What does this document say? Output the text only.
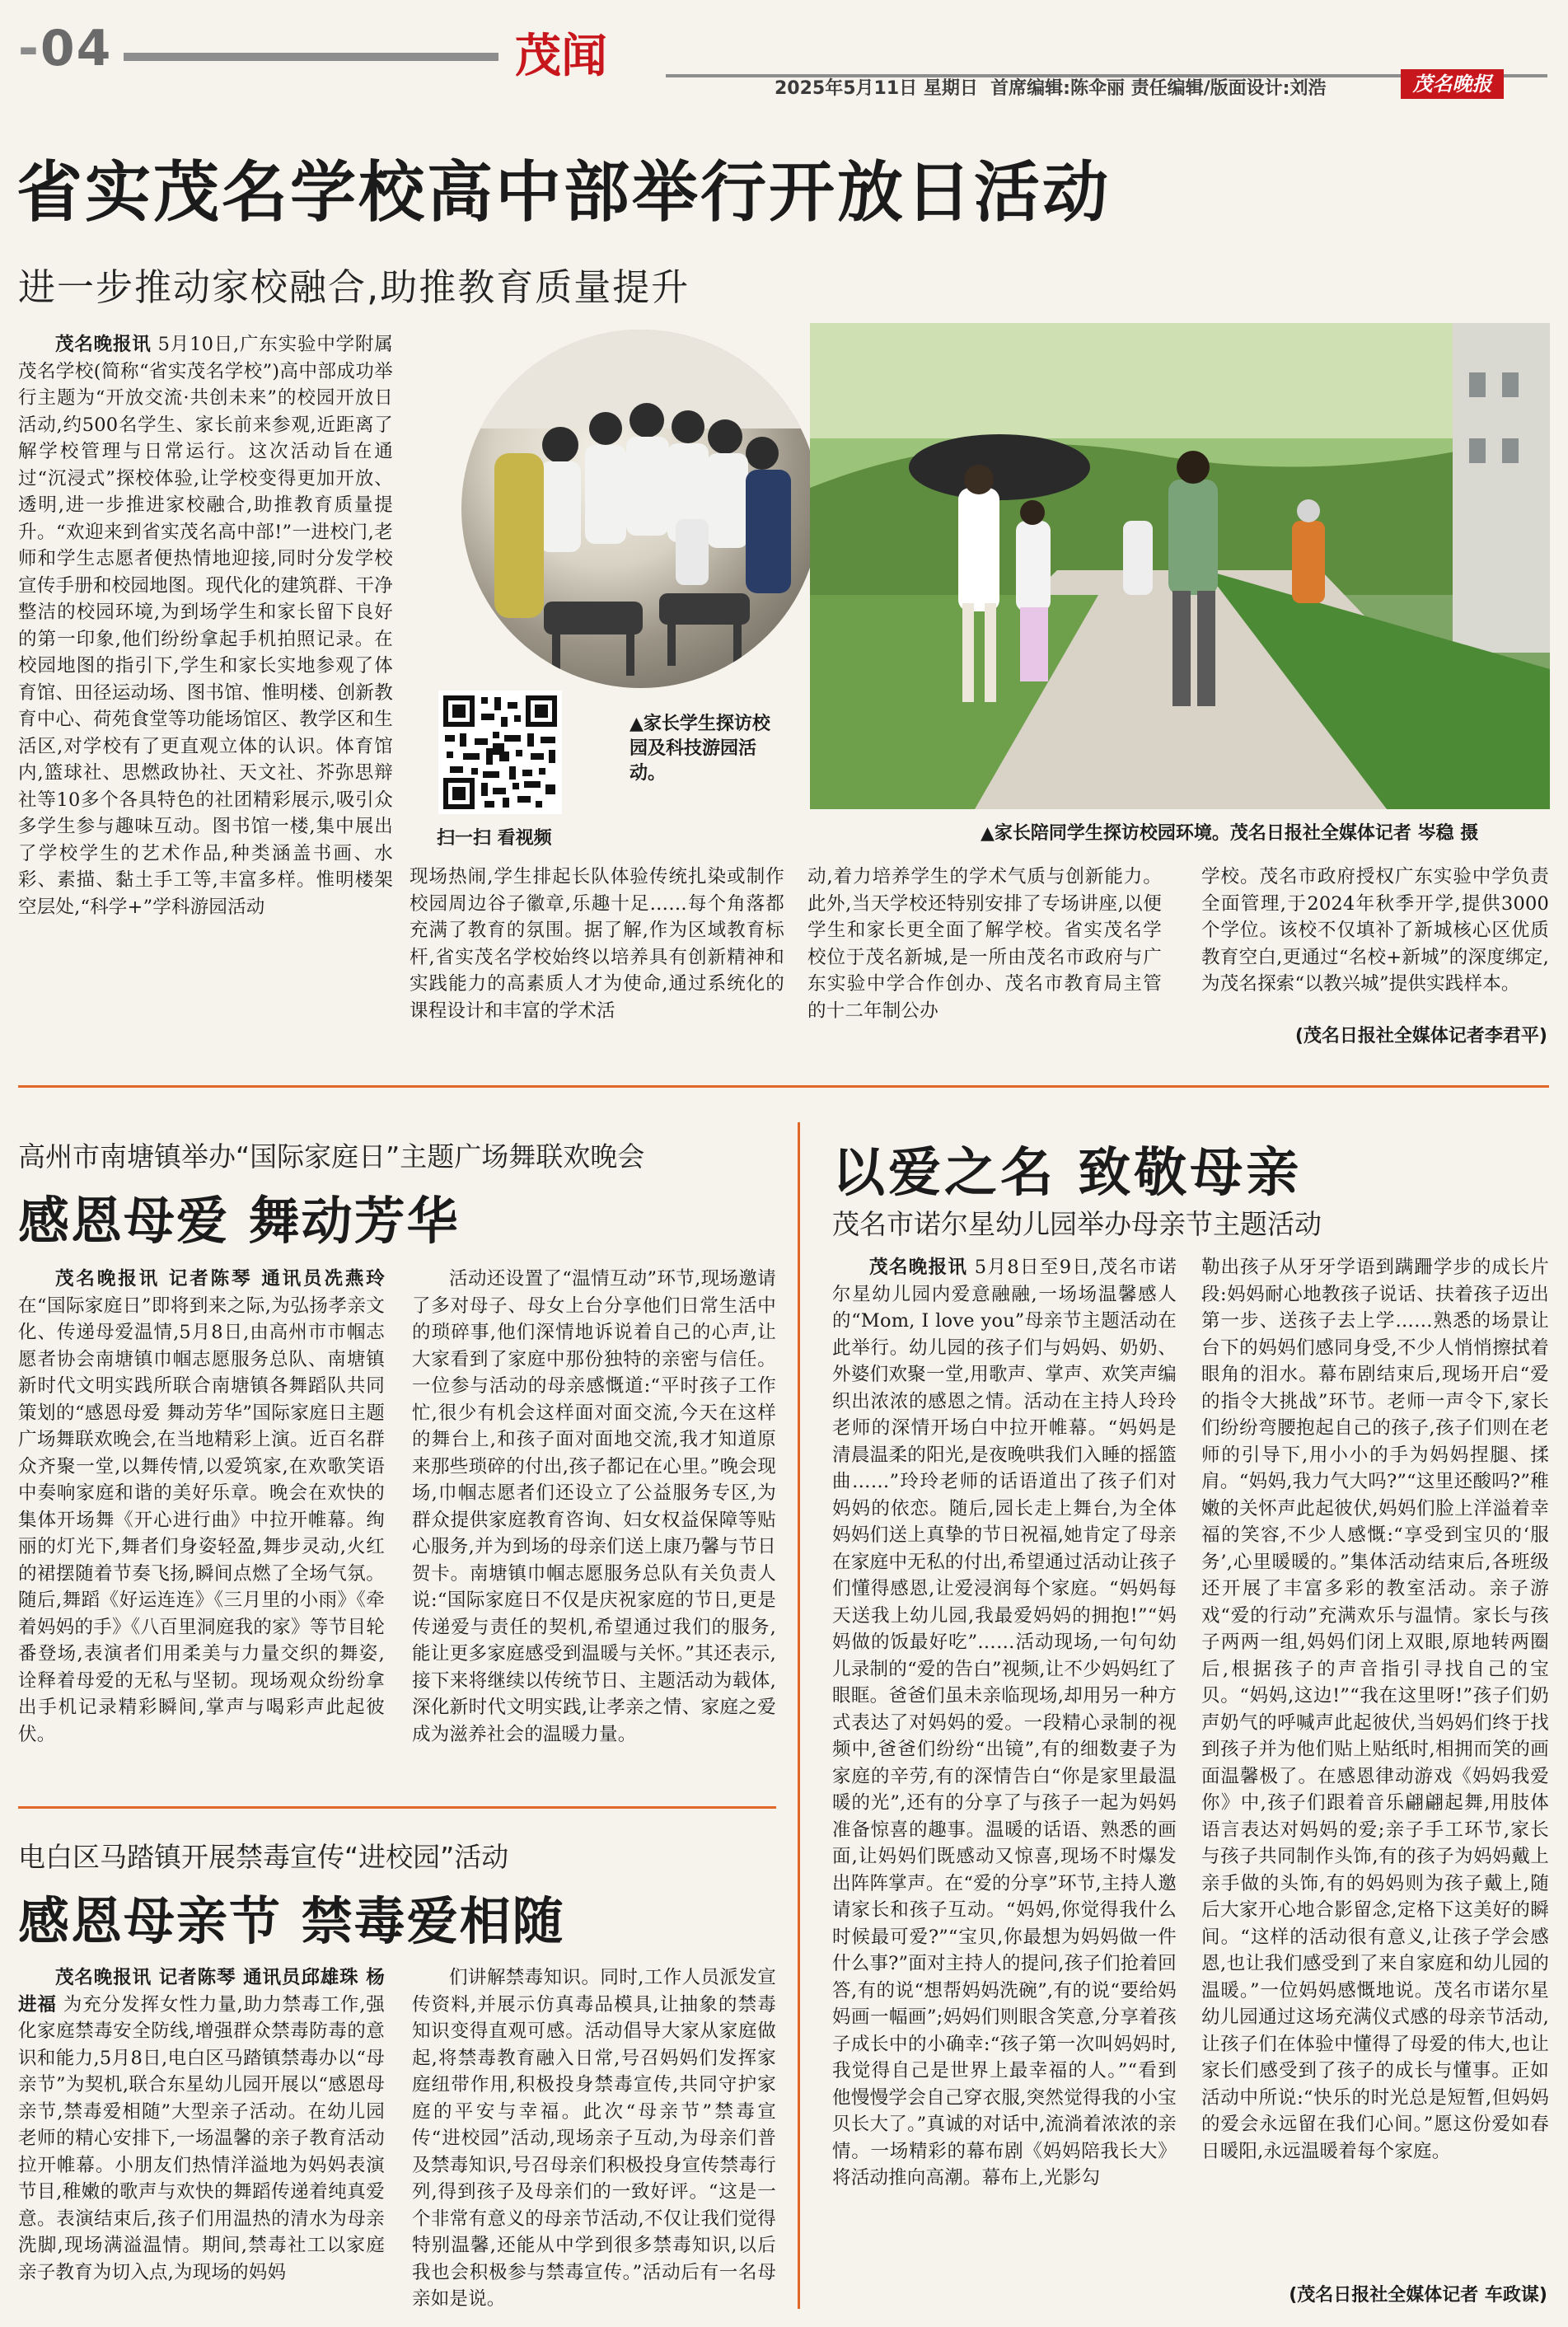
-04	茂闻
2025年5月11日 星期日 首席编辑:陈伞丽 责任编辑/版面设计:刘浩	茂名晚报
省实茂名学校高中部举行开放日活动
进一步推动家校融合,助推教育质量提升
茂名晚报讯 5月10日,广东实验中学附属茂名学校(简称“省实茂名学校”)高中部成功举行主题为“开放交流·共创未来”的校园开放日活动,约500名学生、家长前来参观,近距离了解学校管理与日常运行。这次活动旨在通过“沉浸式”探校体验,让学校变得更加开放、透明,进一步推进家校融合,助推教育质量提升。“欢迎来到省实茂名高中部!”一进校门,老师和学生志愿者便热情地迎接,同时分发学校宣传手册和校园地图。现代化的建筑群、干净整洁的校园环境,为到场学生和家长留下良好的第一印象,他们纷纷拿起手机拍照记录。在校园地图的指引下,学生和家长实地参观了体育馆、田径运动场、图书馆、惟明楼、创新教育中心、荷苑食堂等功能场馆区、教学区和生活区,对学校有了更直观立体的认识。体育馆内,篮球社、思燃政协社、天文社、芥弥思辩社等10多个各具特色的社团精彩展示,吸引众多学生参与趣味互动。图书馆一楼,集中展出了学校学生的艺术作品,种类涵盖书画、水彩、素描、黏土手工等,丰富多样。惟明楼架空层处,“科学+”学科游园活动
扫一扫 看视频
▲家长学生探访校园及科技游园活动。
▲家长陪同学生探访校园环境。茂名日报社全媒体记者 岑稳 摄
现场热闹,学生排起长队体验传统扎染或制作校园周边谷子徽章,乐趣十足……每个角落都充满了教育的氛围。据了解,作为区域教育标杆,省实茂名学校始终以培养具有创新精神和实践能力的高素质人才为使命,通过系统化的课程设计和丰富的学术活
动,着力培养学生的学术气质与创新能力。此外,当天学校还特别安排了专场讲座,以便学生和家长更全面了解学校。省实茂名学校位于茂名新城,是一所由茂名市政府与广东实验中学合作创办、茂名市教育局主管的十二年制公办
学校。茂名市政府授权广东实验中学负责全面管理,于2024年秋季开学,提供3000个学位。该校不仅填补了新城核心区优质教育空白,更通过“名校+新城”的深度绑定,为茂名探索“以教兴城”提供实践样本。
(茂名日报社全媒体记者李君平)
高州市南塘镇举办“国际家庭日”主题广场舞联欢晚会
感恩母爱 舞动芳华
茂名晚报讯 记者陈琴 通讯员冼燕玲 在“国际家庭日”即将到来之际,为弘扬孝亲文化、传递母爱温情,5月8日,由高州市市帼志愿者协会南塘镇巾帼志愿服务总队、南塘镇新时代文明实践所联合南塘镇各舞蹈队共同策划的“感恩母爱 舞动芳华”国际家庭日主题广场舞联欢晚会,在当地精彩上演。近百名群众齐聚一堂,以舞传情,以爱筑家,在欢歌笑语中奏响家庭和谐的美好乐章。晚会在欢快的集体开场舞《开心进行曲》中拉开帷幕。绚丽的灯光下,舞者们身姿轻盈,舞步灵动,火红的裙摆随着节奏飞扬,瞬间点燃了全场气氛。随后,舞蹈《好运连连》《三月里的小雨》《牵着妈妈的手》《八百里洞庭我的家》等节目轮番登场,表演者们用柔美与力量交织的舞姿,诠释着母爱的无私与坚韧。现场观众纷纷拿出手机记录精彩瞬间,掌声与喝彩声此起彼伏。
活动还设置了“温情互动”环节,现场邀请了多对母子、母女上台分享他们日常生活中的琐碎事,他们深情地诉说着自己的心声,让大家看到了家庭中那份独特的亲密与信任。一位参与活动的母亲感慨道:“平时孩子工作忙,很少有机会这样面对面交流,今天在这样的舞台上,和孩子面对面地交流,我才知道原来那些琐碎的付出,孩子都记在心里。”晚会现场,巾帼志愿者们还设立了公益服务专区,为群众提供家庭教育咨询、妇女权益保障等贴心服务,并为到场的母亲们送上康乃馨与节日贺卡。南塘镇巾帼志愿服务总队有关负责人说:“国际家庭日不仅是庆祝家庭的节日,更是传递爱与责任的契机,希望通过我们的服务,能让更多家庭感受到温暖与关怀。”其还表示,接下来将继续以传统节日、主题活动为载体,深化新时代文明实践,让孝亲之情、家庭之爱成为滋养社会的温暖力量。
电白区马踏镇开展禁毒宣传“进校园”活动
感恩母亲节 禁毒爱相随
茂名晚报讯 记者陈琴 通讯员邱雄珠 杨进福 为充分发挥女性力量,助力禁毒工作,强化家庭禁毒安全防线,增强群众禁毒防毒的意识和能力,5月8日,电白区马踏镇禁毒办以“母亲节”为契机,联合东星幼儿园开展以“感恩母亲节,禁毒爱相随”大型亲子活动。在幼儿园老师的精心安排下,一场温馨的亲子教育活动拉开帷幕。小朋友们热情洋溢地为妈妈表演节目,稚嫩的歌声与欢快的舞蹈传递着纯真爱意。表演结束后,孩子们用温热的清水为母亲洗脚,现场满溢温情。期间,禁毒社工以家庭亲子教育为切入点,为现场的妈妈
们讲解禁毒知识。同时,工作人员派发宣传资料,并展示仿真毒品模具,让抽象的禁毒知识变得直观可感。活动倡导大家从家庭做起,将禁毒教育融入日常,号召妈妈们发挥家庭纽带作用,积极投身禁毒宣传,共同守护家庭的平安与幸福。此次“母亲节”禁毒宣传“进校园”活动,现场亲子互动,为母亲们普及禁毒知识,号召母亲们积极投身宣传禁毒行列,得到孩子及母亲们的一致好评。“这是一个非常有意义的母亲节活动,不仅让我们觉得特别温馨,还能从中学到很多禁毒知识,以后我也会积极参与禁毒宣传。”活动后有一名母亲如是说。
以爱之名 致敬母亲
茂名市诺尔星幼儿园举办母亲节主题活动
茂名晚报讯 5月8日至9日,茂名市诺尔星幼儿园内爱意融融,一场场温馨感人的“Mom, I love you”母亲节主题活动在此举行。幼儿园的孩子们与妈妈、奶奶、外婆们欢聚一堂,用歌声、掌声、欢笑声编织出浓浓的感恩之情。活动在主持人玲玲老师的深情开场白中拉开帷幕。“妈妈是清晨温柔的阳光,是夜晚哄我们入睡的摇篮曲……”玲玲老师的话语道出了孩子们对妈妈的依恋。随后,园长走上舞台,为全体妈妈们送上真挚的节日祝福,她肯定了母亲在家庭中无私的付出,希望通过活动让孩子们懂得感恩,让爱浸润每个家庭。“妈妈每天送我上幼儿园,我最爱妈妈的拥抱!”“妈妈做的饭最好吃”……活动现场,一句句幼儿录制的“爱的告白”视频,让不少妈妈红了眼眶。爸爸们虽未亲临现场,却用另一种方式表达了对妈妈的爱。一段精心录制的视频中,爸爸们纷纷“出镜”,有的细数妻子为家庭的辛劳,有的深情告白“你是家里最温暖的光”,还有的分享了与孩子一起为妈妈准备惊喜的趣事。温暖的话语、熟悉的画面,让妈妈们既感动又惊喜,现场不时爆发出阵阵掌声。在“爱的分享”环节,主持人邀请家长和孩子互动。“妈妈,你觉得我什么时候最可爱?”“宝贝,你最想为妈妈做一件什么事?”面对主持人的提问,孩子们抢着回答,有的说“想帮妈妈洗碗”,有的说“要给妈妈画一幅画”;妈妈们则眼含笑意,分享着孩子成长中的小确幸:“孩子第一次叫妈妈时,我觉得自己是世界上最幸福的人。”“看到他慢慢学会自己穿衣服,突然觉得我的小宝贝长大了。”真诚的对话中,流淌着浓浓的亲情。一场精彩的幕布剧《妈妈陪我长大》将活动推向高潮。幕布上,光影勾
勒出孩子从牙牙学语到蹒跚学步的成长片段:妈妈耐心地教孩子说话、扶着孩子迈出第一步、送孩子去上学……熟悉的场景让台下的妈妈们感同身受,不少人悄悄擦拭着眼角的泪水。幕布剧结束后,现场开启“爱的指令大挑战”环节。老师一声令下,家长们纷纷弯腰抱起自己的孩子,孩子们则在老师的引导下,用小小的手为妈妈捏腿、揉肩。“妈妈,我力气大吗?”“这里还酸吗?”稚嫩的关怀声此起彼伏,妈妈们脸上洋溢着幸福的笑容,不少人感慨:“享受到宝贝的‘服务’,心里暖暖的。”集体活动结束后,各班级还开展了丰富多彩的教室活动。亲子游戏“爱的行动”充满欢乐与温情。家长与孩子两两一组,妈妈们闭上双眼,原地转两圈后,根据孩子的声音指引寻找自己的宝贝。“妈妈,这边!”“我在这里呀!”孩子们奶声奶气的呼喊声此起彼伏,当妈妈们终于找到孩子并为他们贴上贴纸时,相拥而笑的画面温馨极了。在感恩律动游戏《妈妈我爱你》中,孩子们跟着音乐翩翩起舞,用肢体语言表达对妈妈的爱;亲子手工环节,家长与孩子共同制作头饰,有的孩子为妈妈戴上亲手做的头饰,有的妈妈则为孩子戴上,随后大家开心地合影留念,定格下这美好的瞬间。“这样的活动很有意义,让孩子学会感恩,也让我们感受到了来自家庭和幼儿园的温暖。”一位妈妈感慨地说。茂名市诺尔星幼儿园通过这场充满仪式感的母亲节活动,让孩子们在体验中懂得了母爱的伟大,也让家长们感受到了孩子的成长与懂事。正如活动中所说:“快乐的时光总是短暂,但妈妈的爱会永远留在我们心间。”愿这份爱如春日暖阳,永远温暖着每个家庭。
(茂名日报社全媒体记者 车政谋)
